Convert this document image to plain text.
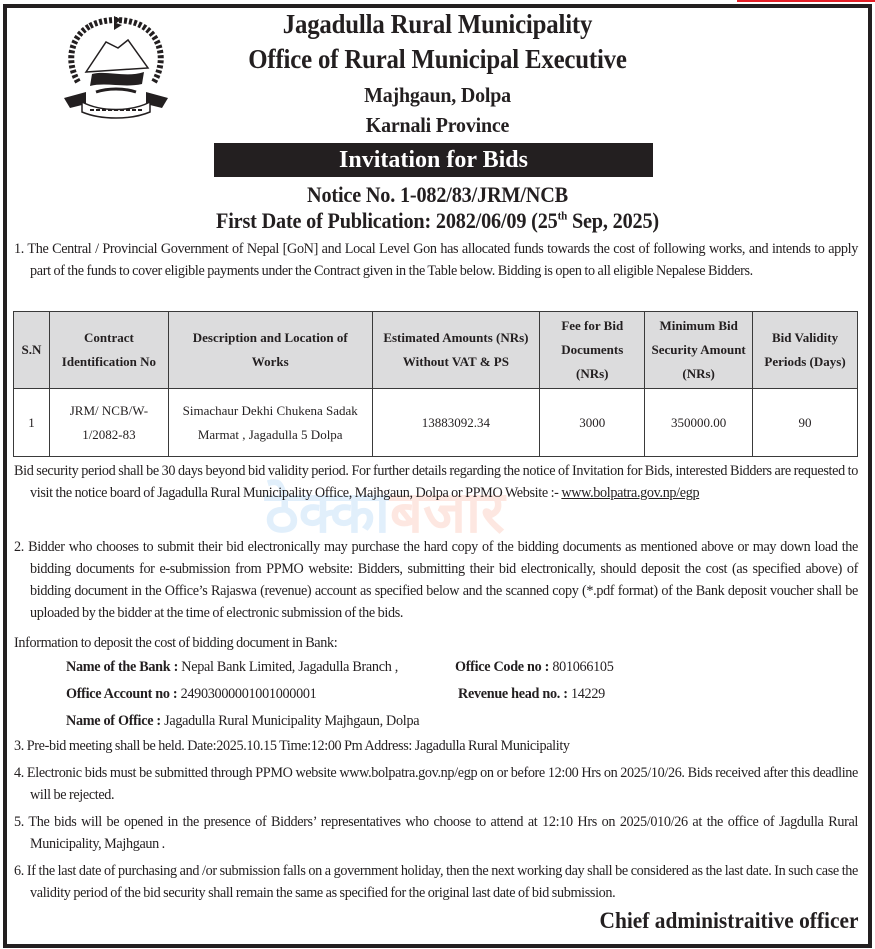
Jagadulla Rural Municipality
Office of Rural Municipal Executive
Majhgaun, Dolpa
Karnali Province
Invitation for Bids
Notice No. 1-082/83/JRM/NCB
First Date of Publication: 2082/06/09 (25th Sep, 2025)
ठेक्काबजार
1. The Central / Provincial Government of Nepal [GoN] and Local Level Gon has allocated funds towards the cost of following works, and intends to apply part of the funds to cover eligible payments under the Contract given in the Table below. Bidding is open to all eligible Nepalese Bidders.
S.N	Contract Identification No	Description and Location of Works	Estimated Amounts (NRs) Without VAT & PS	Fee for Bid Documents (NRs)	Minimum Bid Security Amount (NRs)	Bid Validity Periods (Days)
1	JRM/ NCB/W-1/2082-83	Simachaur Dekhi Chukena Sadak Marmat , Jagadulla 5 Dolpa	13883092.34	3000	350000.00	90
Bid security period shall be 30 days beyond bid validity period. For further details regarding the notice of Invitation for Bids, interested Bidders are requested to visit the notice board of Jagadulla Rural Municipality Office, Majhgaun, Dolpa or PPMO Website :- www.bolpatra.gov.np/egp
2. Bidder who chooses to submit their bid electronically may purchase the hard copy of the bidding documents as mentioned above or may down load the bidding documents for e-submission from PPMO website: Bidders, submitting their bid electronically, should deposit the cost (as specified above) of bidding document in the Office’s Rajaswa (revenue) account as specified below and the scanned copy (*.pdf format) of the Bank deposit voucher shall be uploaded by the bidder at the time of electronic submission of the bids.
Information to deposit the cost of bidding document in Bank:
Name of the Bank : Nepal Bank Limited, Jagadulla Branch ,	Office Code no : 801066105
Office Account no : 24903000001001000001	Revenue head no. : 14229
Name of Office : Jagadulla Rural Municipality Majhgaun, Dolpa
3. Pre-bid meeting shall be held. Date:2025.10.15 Time:12:00 Pm Address: Jagadulla Rural Municipality
4. Electronic bids must be submitted through PPMO website www.bolpatra.gov.np/egp on or before 12:00 Hrs on 2025/10/26. Bids received after this deadline will be rejected.
5. The bids will be opened in the presence of Bidders’ representatives who choose to attend at 12:10 Hrs on 2025/010/26 at the office of Jagdulla Rural Municipality, Majhgaun .
6. If the last date of purchasing and /or submission falls on a government holiday, then the next working day shall be considered as the last date. In such case the validity period of the bid security shall remain the same as specified for the original last date of bid submission.
Chief administraitive officer
